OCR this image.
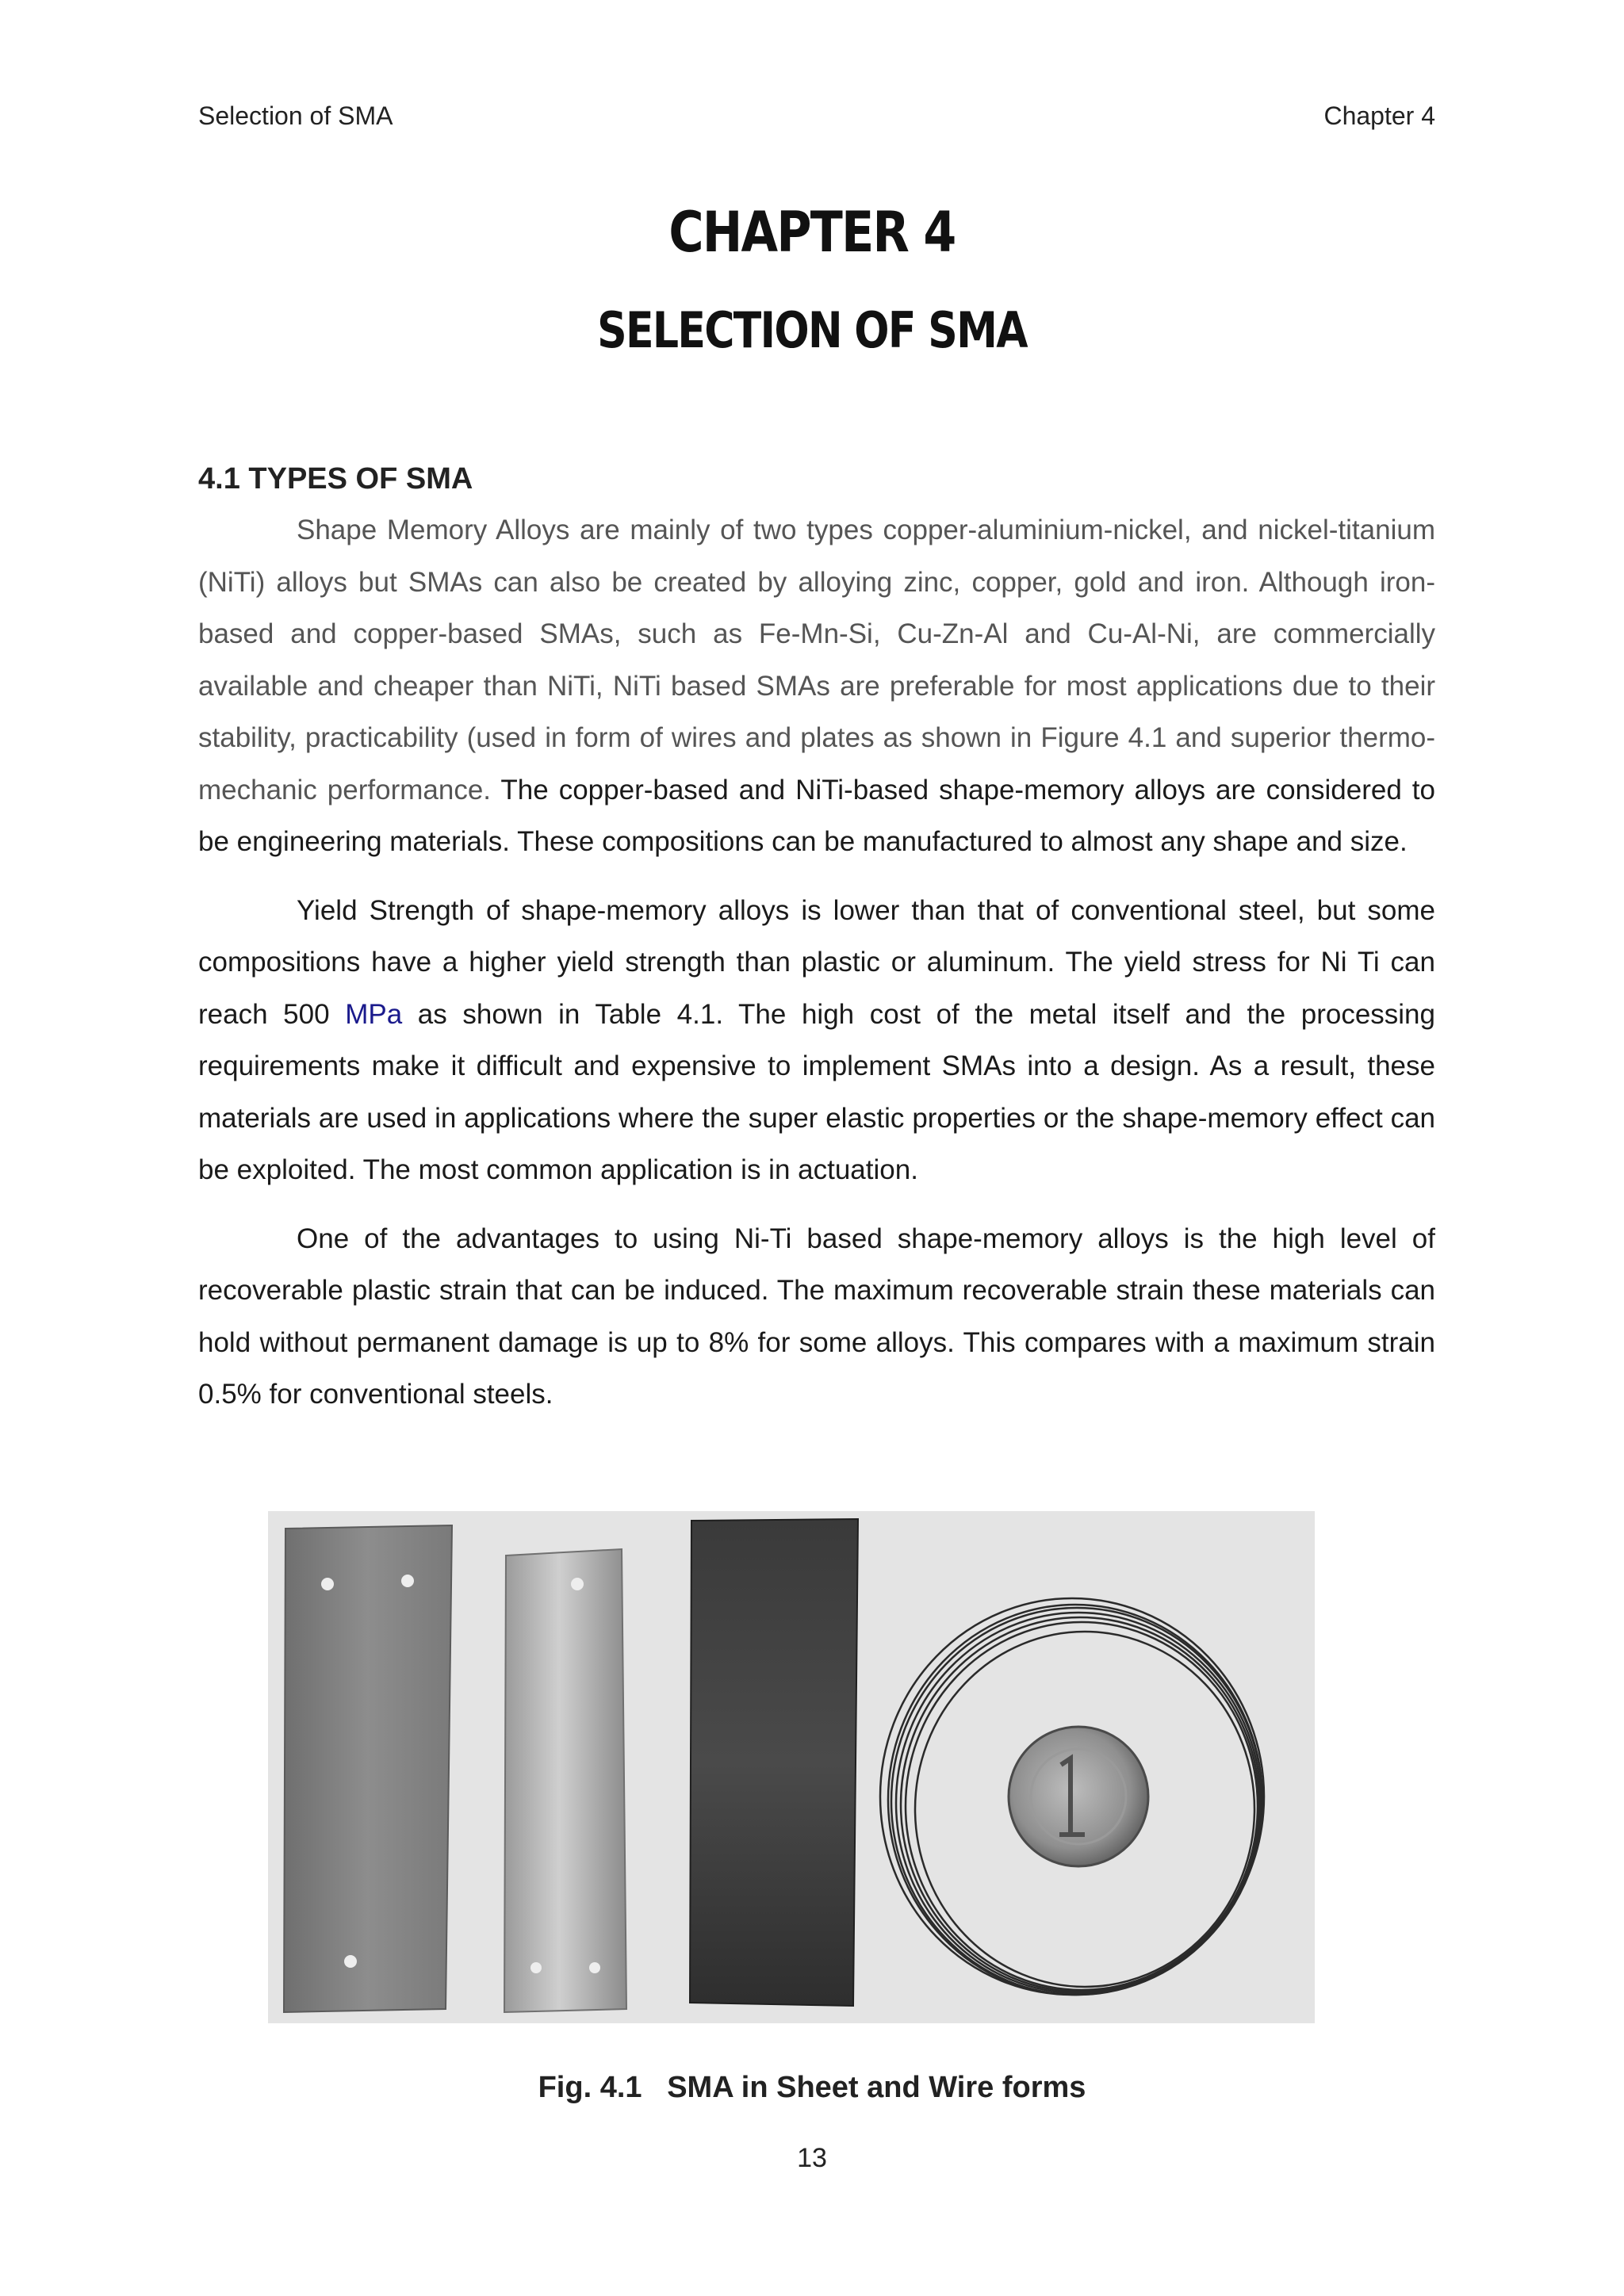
Selection of SMA	Chapter 4
CHAPTER 4
SELECTION OF SMA
4.1 TYPES OF SMA

Shape Memory Alloys are mainly of two types copper-aluminium-nickel, and nickel-titanium (NiTi) alloys but SMAs can also be created by alloying zinc, copper, gold and iron. Although iron-based and copper-based SMAs, such as Fe-Mn-Si, Cu-Zn-Al and Cu-Al-Ni, are commercially available and cheaper than NiTi, NiTi based SMAs are preferable for most applications due to their stability, practicability (used in form of wires and plates as shown in Figure 4.1 and superior thermo-mechanic performance. The copper-based and NiTi-based shape-memory alloys are considered to be engineering materials. These compositions can be manufactured to almost any shape and size.

Yield Strength of shape-memory alloys is lower than that of conventional steel, but some compositions have a higher yield strength than plastic or aluminum. The yield stress for Ni Ti can reach 500 MPa as shown in Table 4.1. The high cost of the metal itself and the processing requirements make it difficult and expensive to implement SMAs into a design. As a result, these materials are used in applications where the super elastic properties or the shape-memory effect can be exploited. The most common application is in actuation.

One of the advantages to using Ni-Ti based shape-memory alloys is the high level of recoverable plastic strain that can be induced. The maximum recoverable strain these materials can hold without permanent damage is up to 8% for some alloys. This compares with a maximum strain 0.5% for conventional steels.

Fig. 4.1   SMA in Sheet and Wire forms
13
